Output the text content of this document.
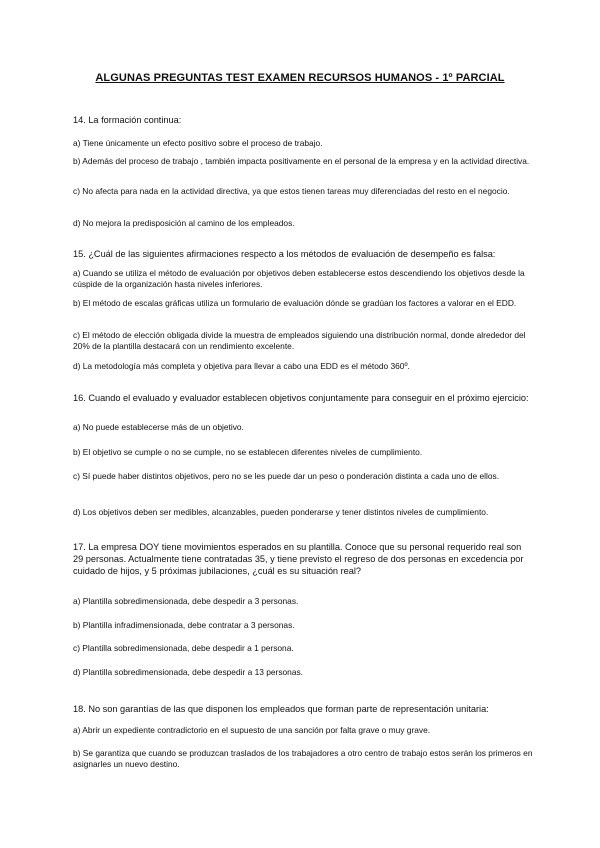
ALGUNAS PREGUNTAS TEST EXAMEN RECURSOS HUMANOS - 1º PARCIAL

14. La formación continua:

a) Tiene únicamente un efecto positivo sobre el proceso de trabajo.

b) Además del proceso de trabajo , también impacta positivamente en el personal de la empresa y en la actividad directiva.

c) No afecta para nada en la actividad directiva, ya que estos tienen tareas muy diferenciadas del resto en el negocio.

d) No mejora la predisposición al camino de los empleados.

15. ¿Cuál de las siguientes afirmaciones respecto a los métodos de evaluación de desempeño es falsa:

a) Cuando se utiliza el método de evaluación por objetivos deben establecerse estos descendiendo los objetivos desde la cúspide de la organización hasta niveles inferiores.

b) El método de escalas gráficas utiliza un formulario de evaluación dónde se gradúan los factores a valorar en el EDD.

c) El método de elección obligada divide la muestra de empleados siguiendo una distribución normal, donde alrededor del 20% de la plantilla destacará con un rendimiento excelente.

d) La metodología más completa y objetiva para llevar a cabo una EDD es el método 360º.

16. Cuando el evaluado y evaluador establecen objetivos conjuntamente para conseguir en el próximo ejercicio:

a) No puede establecerse más de un objetivo.

b) El objetivo se cumple o no se cumple, no se establecen diferentes niveles de cumplimiento.

c) Sí puede haber distintos objetivos, pero no se les puede dar un peso o ponderación distinta a cada uno de ellos.

d) Los objetivos deben ser medibles, alcanzables, pueden ponderarse y tener distintos niveles de cumplimiento.

17. La empresa DOY tiene movimientos esperados en su plantilla. Conoce que su personal requerido real son 29 personas. Actualmente tiene contratadas 35, y tiene previsto el regreso de dos personas en excedencia por cuidado de hijos, y 5 próximas jubilaciones, ¿cuál es su situación real?

a) Plantilla sobredimensionada, debe despedir a 3 personas.

b) Plantilla infradimensionada, debe contratar a 3 personas.

c) Plantilla sobredimensionada, debe despedir a 1 persona.

d) Plantilla sobredimensionada, debe despedir a 13 personas.

18. No son garantías de las que disponen los empleados que forman parte de representación unitaria:

a) Abrir un expediente contradictorio en el supuesto de una sanción por falta grave o muy grave.

b) Se garantiza que cuando se produzcan traslados de los trabajadores a otro centro de trabajo estos serán los primeros en asignarles un nuevo destino.
